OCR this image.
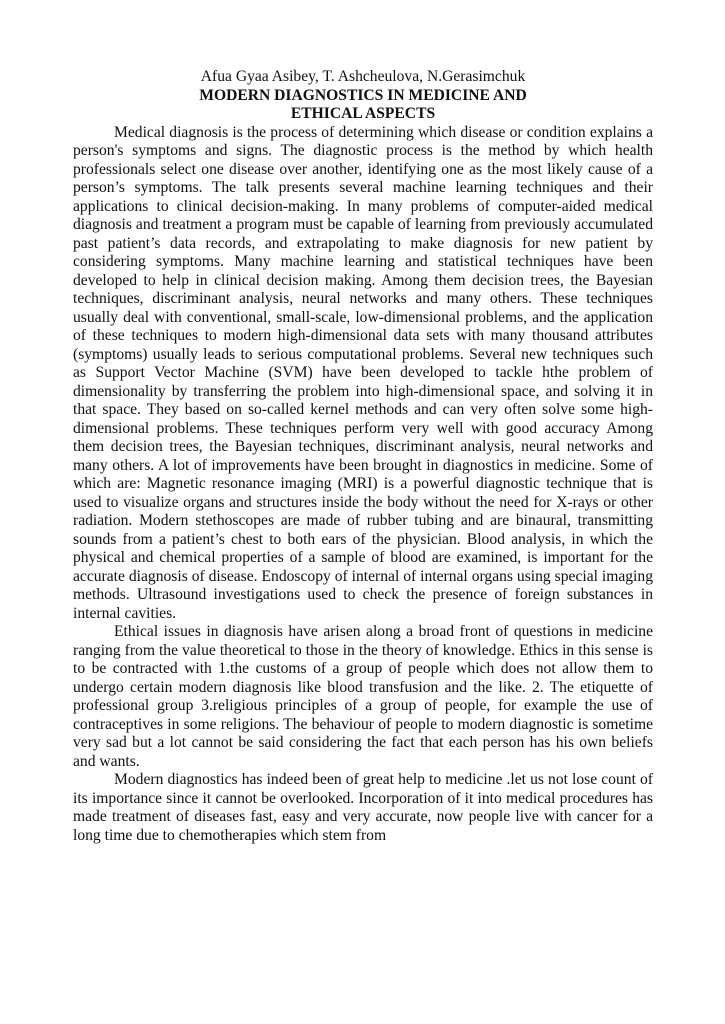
Afua Gyaa Asibey, T. Ashcheulova, N.Gerasimchuk

MODERN DIAGNOSTICS IN MEDICINE AND

ETHICAL ASPECTS

Medical diagnosis is the process of determining which disease or condition explains a person's symptoms and signs. The diagnostic process is the method by which health professionals select one disease over another, identifying one as the most likely cause of a person’s symptoms. The talk presents several machine learning techniques and their applications to clinical decision-making. In many problems of computer-aided medical diagnosis and treatment a program must be capable of learning from previously accumulated past patient’s data records, and extrapolating to make diagnosis for new patient by considering symptoms. Many machine learning and statistical techniques have been developed to help in clinical decision making. Among them decision trees, the Bayesian techniques, discriminant analysis, neural networks and many others. These techniques usually deal with conventional, small-scale, low-dimensional problems, and the application of these techniques to modern high-dimensional data sets with many thousand attributes (symptoms) usually leads to serious computational problems. Several new techniques such as Support Vector Machine (SVM) have been developed to tackle hthe problem of dimensionality by transferring the problem into high-dimensional space, and solving it in that space. They based on so-called kernel methods and can very often solve some high-dimensional problems. These techniques perform very well with good accuracy Among them decision trees, the Bayesian techniques, discriminant analysis, neural networks and many others. A lot of improvements have been brought in diagnostics in medicine. Some of which are: Magnetic resonance imaging (MRI) is a powerful diagnostic technique that is used to visualize organs and structures inside the body without the need for X-rays or other radiation. Modern stethoscopes are made of rubber tubing and are binaural, transmitting sounds from a patient’s chest to both ears of the physician. Blood analysis, in which the physical and chemical properties of a sample of blood are examined, is important for the accurate diagnosis of disease. Endoscopy of internal of internal organs using special imaging methods. Ultrasound investigations used to check the presence of foreign substances in internal cavities.

Ethical issues in diagnosis have arisen along a broad front of questions in medicine ranging from the value theoretical to those in the theory of knowledge. Ethics in this sense is to be contracted with 1.the customs of a group of people which does not allow them to undergo certain modern diagnosis like blood transfusion and the like. 2. The etiquette of professional group 3.religious principles of a group of people, for example the use of contraceptives in some religions. The behaviour of people to modern diagnostic is sometime very sad but a lot cannot be said considering the fact that each person has his own beliefs and wants.

Modern diagnostics has indeed been of great help to medicine .let us not lose count of its importance since it cannot be overlooked. Incorporation of it into medical procedures has made treatment of diseases fast, easy and very accurate, now people live with cancer for a long time due to chemotherapies which stem from
